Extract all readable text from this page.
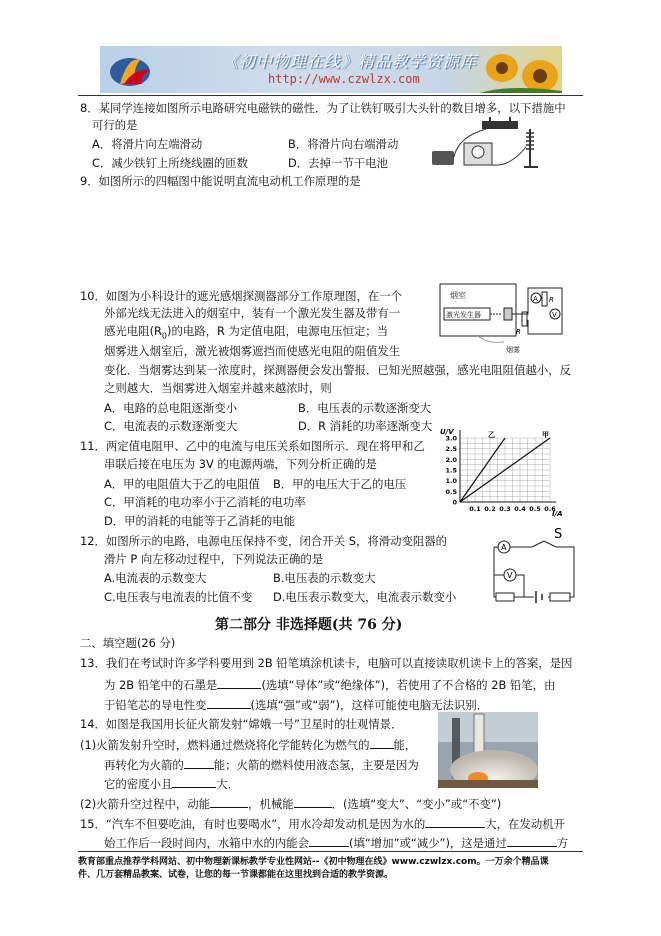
《初中物理在线》精品教学资源库
http://www.czwlzx.com
8．某同学连接如图所示电路研究电磁铁的磁性．为了让铁钉吸引大头针的数目增多，以下措施中
可行的是
A．将滑片向左端滑动	B．将滑片向右端滑动
C．减少铁钉上所绕线圈的匝数	D．去掉一节干电池
9．如图所示的四幅图中能说明直流电动机工作原理的是
10．如图为小科设计的遮光感烟探测器部分工作原理图，在一个
外部光线无法进入的烟室中，装有一个激光发生器及带有一
感光电阻$(R_0)$的电路，R 为定值电阻，电源电压恒定；当
烟雾进入烟室后，激光被烟雾遮挡而使感光电阻的阻值发生
变化．当烟雾达到某一浓度时，探测器便会发出警报．已知光照越强，感光电阻阻值越小，反
之则越大．当烟雾进入烟室并越来越浓时，则
A．电路的总电阻逐渐变小	B．电压表的示数逐渐变大
C．电流表的示数逐渐变大	D．R 消耗的功率逐渐变大
烟室
激光发生器
A R
V
R
烟雾
11．两定值电阻甲、乙中的电流与电压关系如图所示．现在将甲和乙
串联后接在电压为 3V 的电源两端，下列分析正确的是
A．甲的电阻值大于乙的电阻值 B．甲的电压大于乙的电压
C．甲消耗的电功率小于乙消耗的电功率
D．甲的消耗的电能等于乙消耗的电能
U/V
I/A
3.0
2.5
2.0
1.5
1.0
0.5
0
0.1 0.2 0.3 0.4 0.5 0.6
乙	甲
12．如图所示的电路，电源电压保持不变，闭合开关 S，将滑动变阻器的
滑片 P 向左移动过程中，下列说法正确的是
A.电流表的示数变大	B.电压表的示数变大
C.电压表与电流表的比值不变 D.电压表示数变大，电流表示数变小
A
S
V
第二部分 非选择题(共 76 分)
二、填空题(26 分)
13．我们在考试时许多学科要用到 2B 铅笔填涂机读卡，电脑可以直接读取机读卡上的答案，是因
为 2B 铅笔中的石墨是	(选填“导体”或“绝缘体”)，若使用了不合格的 2B 铅笔，由
于铅笔芯的导电性变	(选填“强”或“弱”)，这样可能使电脑无法识别．
14．如图是我国用长征火箭发射“嫦娥一号”卫星时的壮观情景．
(1)火箭发射升空时，燃料通过燃烧将化学能转化为燃气的 能，
再转化为火箭的	能；火箭的燃料使用液态氢，主要是因为
它的密度小且	大．
(2)火箭升空过程中，动能	，机械能	．(选填“变大”、“变小”或“不变”)
15．“汽车不但要吃油，有时也要喝水”，用水冷却发动机是因为水的	大，在发动机开
始工作后一段时间内，水箱中水的内能会	(填“增加”或“减少”)，这是通过	方
教育部重点推荐学科网站、初中物理新课标教学专业性网站--《初中物理在线》www.czwlzx.com。一万余个精品课
件、几万套精品教案、试卷，让您的每一节课都能在这里找到合适的教学资源。
